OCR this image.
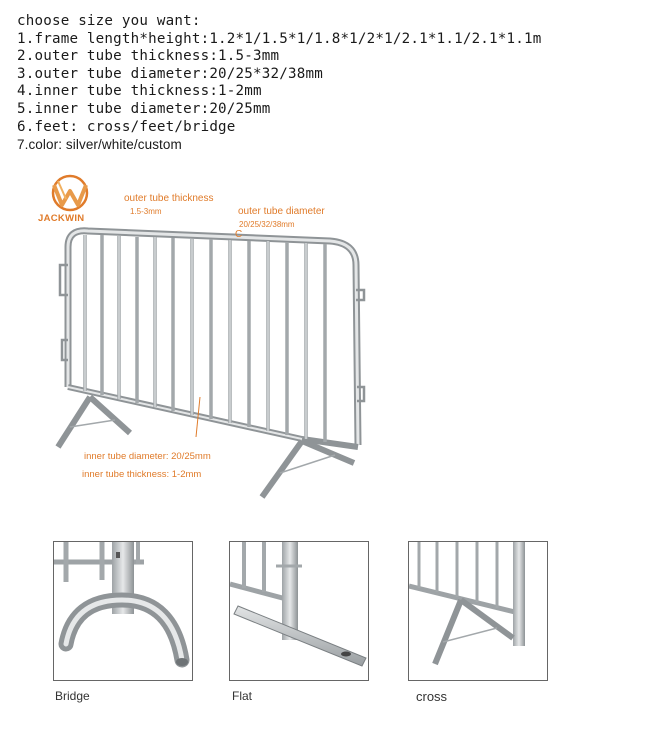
choose size you want:
1.frame length*height:1.2*1/1.5*1/1.8*1/2*1/2.1*1.1/2.1*1.1m
2.outer tube thickness:1.5-3mm
3.outer tube diameter:20/25*32/38mm
4.inner tube thickness:1-2mm
5.inner tube diameter:20/25mm
6.feet: cross/feet/bridge
7.color: silver/white/custom
JACKWIN
C
outer tube thickness
1.5-3mm	outer tube diameter
20/25/32/38mm
inner tube diameter: 20/25mm
inner tube thickness: 1-2mm
Bridge	Flat	cross
